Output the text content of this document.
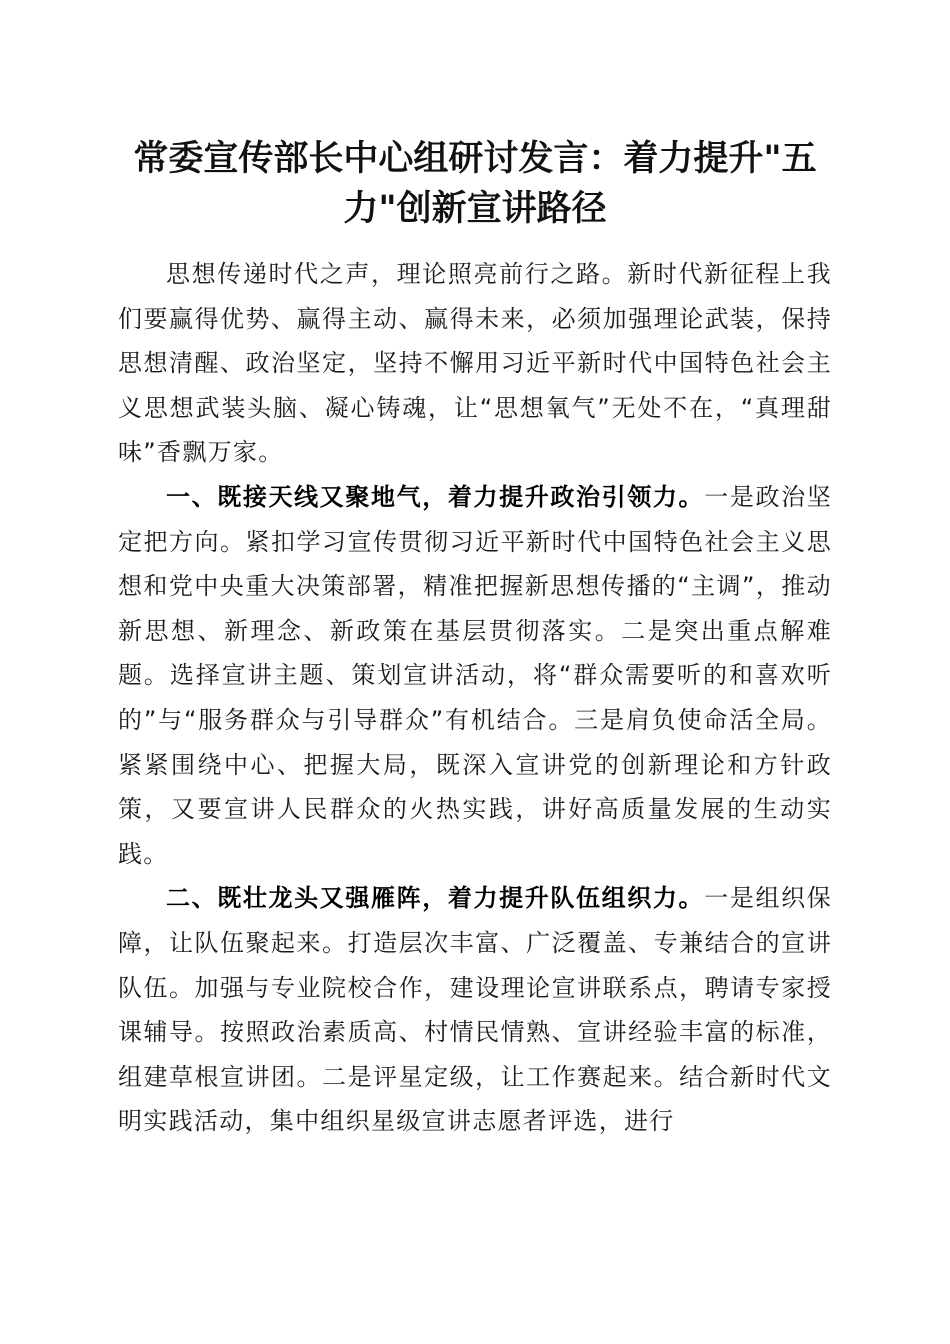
常委宣传部长中心组研讨发言：着力提升"五力"创新宣讲路径

思想传递时代之声，理论照亮前行之路。新时代新征程上我们要赢得优势、赢得主动、赢得未来，必须加强理论武装，保持思想清醒、政治坚定，坚持不懈用习近平新时代中国特色社会主义思想武装头脑、凝心铸魂，让“思想氧气”无处不在，“真理甜味”香飘万家。

一、既接天线又聚地气，着力提升政治引领力。一是政治坚定把方向。紧扣学习宣传贯彻习近平新时代中国特色社会主义思想和党中央重大决策部署，精准把握新思想传播的“主调”，推动新思想、新理念、新政策在基层贯彻落实。二是突出重点解难题。选择宣讲主题、策划宣讲活动，将“群众需要听的和喜欢听的”与“服务群众与引导群众”有机结合。三是肩负使命活全局。紧紧围绕中心、把握大局，既深入宣讲党的创新理论和方针政策，又要宣讲人民群众的火热实践，讲好高质量发展的生动实践。

二、既壮龙头又强雁阵，着力提升队伍组织力。一是组织保障，让队伍聚起来。打造层次丰富、广泛覆盖、专兼结合的宣讲队伍。加强与专业院校合作，建设理论宣讲联系点，聘请专家授课辅导。按照政治素质高、村情民情熟、宣讲经验丰富的标准，组建草根宣讲团。二是评星定级，让工作赛起来。结合新时代文明实践活动，集中组织星级宣讲志愿者评选，进行
